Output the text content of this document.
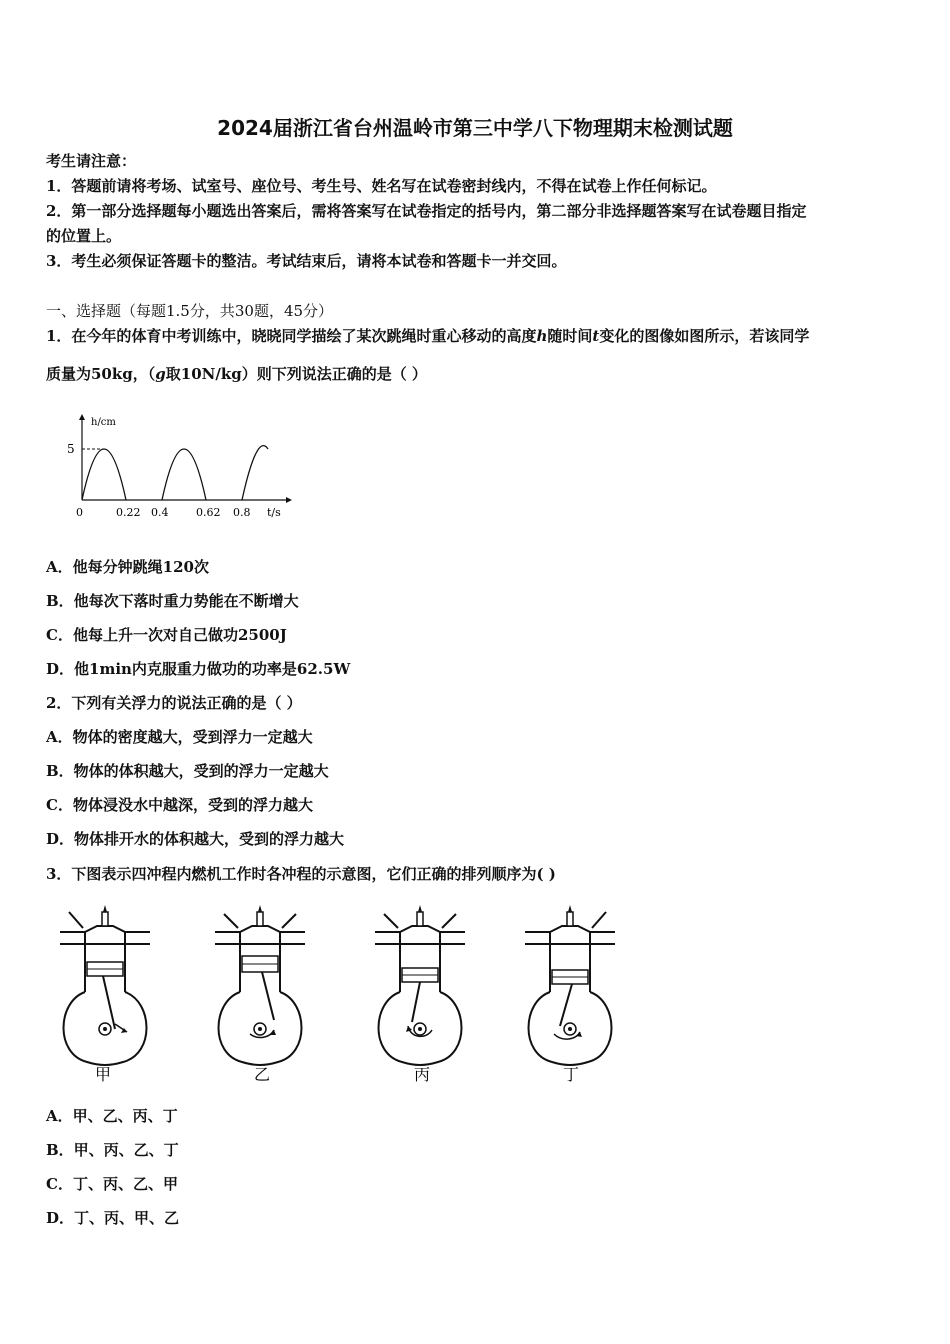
2024届浙江省台州温岭市第三中学八下物理期末检测试题
考生请注意：
1．答题前请将考场、试室号、座位号、考生号、姓名写在试卷密封线内，不得在试卷上作任何标记。
2．第一部分选择题每小题选出答案后，需将答案写在试卷指定的括号内，第二部分非选择题答案写在试卷题目指定
的位置上。
3．考生必须保证答题卡的整洁。考试结束后，请将本试卷和答题卡一并交回。
一、选择题（每题1.5分，共30题，45分）
1．在今年的体育中考训练中，晓晓同学描绘了某次跳绳时重心移动的高度h随时间t变化的图像如图所示，若该同学
质量为50kg，（g取10N/kg）则下列说法正确的是（ ）
h/cm
t/s
5
0	0.22 0.4	0.62 0.8
A．他每分钟跳绳120次
B．他每次下落时重力势能在不断增大
C．他每上升一次对自己做功2500J
D．他1min内克服重力做功的功率是62.5W
2．下列有关浮力的说法正确的是（ ）
A．物体的密度越大，受到浮力一定越大
B．物体的体积越大，受到的浮力一定越大
C．物体浸没水中越深，受到的浮力越大
D．物体排开水的体积越大，受到的浮力越大
3．下图表示四冲程内燃机工作时各冲程的示意图，它们正确的排列顺序为( )
甲	乙	丙	丁
A．甲、乙、丙、丁
B．甲、丙、乙、丁
C．丁、丙、乙、甲
D．丁、丙、甲、乙
